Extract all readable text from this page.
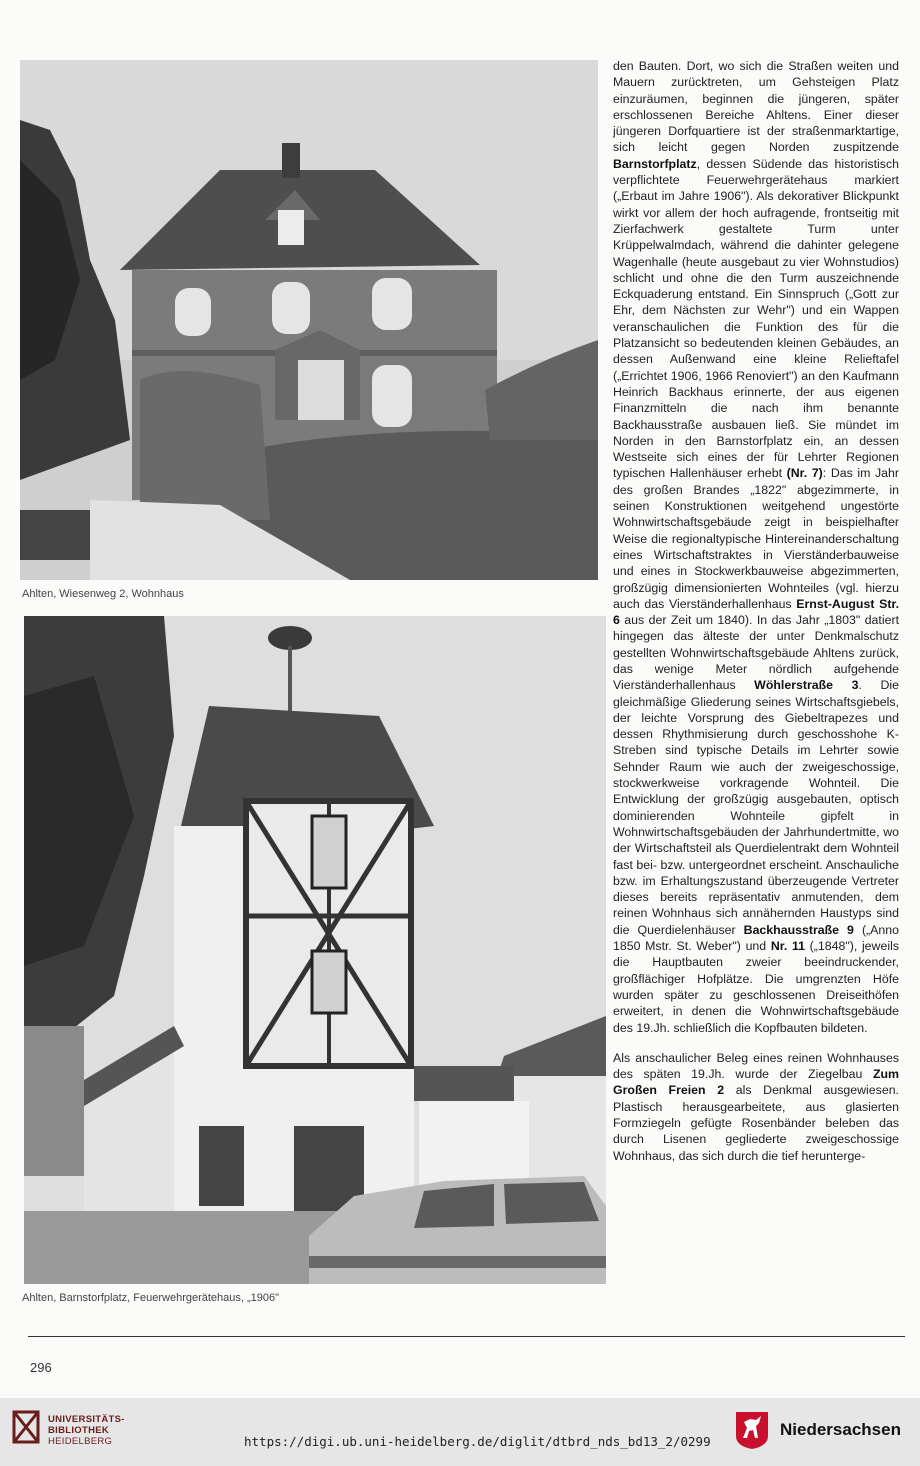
Ahlten, Wiesenweg 2, Wohnhaus
Ahlten, Barnstorfplatz, Feuerwehrgerätehaus, „1906"

den Bauten. Dort, wo sich die Straßen weiten und Mauern zurücktreten, um Gehsteigen Platz einzuräumen, beginnen die jüngeren, später erschlossenen Bereiche Ahltens. Einer dieser jüngeren Dorfquartiere ist der straßenmarktartige, sich leicht gegen Norden zuspitzende Barnstorfplatz, dessen Südende das historistisch verpflichtete Feuerwehrgerätehaus markiert („Erbaut im Jahre 1906"). Als dekorativer Blickpunkt wirkt vor allem der hoch aufragende, frontseitig mit Zierfachwerk gestaltete Turm unter Krüppelwalmdach, während die dahinter gelegene Wagenhalle (heute ausgebaut zu vier Wohnstudios) schlicht und ohne die den Turm auszeichnende Eckquaderung entstand. Ein Sinnspruch („Gott zur Ehr, dem Nächsten zur Wehr") und ein Wappen veranschaulichen die Funktion des für die Platzansicht so bedeutenden kleinen Gebäudes, an dessen Außenwand eine kleine Relieftafel („Errichtet 1906, 1966 Renoviert") an den Kaufmann Heinrich Backhaus erinnerte, der aus eigenen Finanzmitteln die nach ihm benannte Backhausstraße ausbauen ließ. Sie mündet im Norden in den Barnstorfplatz ein, an dessen Westseite sich eines der für Lehrter Regionen typischen Hallenhäuser erhebt (Nr. 7): Das im Jahr des großen Brandes „1822" abgezimmerte, in seinen Konstruktionen weitgehend ungestörte Wohnwirtschaftsgebäude zeigt in beispielhafter Weise die regionaltypische Hintereinanderschaltung eines Wirtschaftstraktes in Vierständerbauweise und eines in Stockwerkbauweise abgezimmerten, großzügig dimensionierten Wohnteiles (vgl. hierzu auch das Vierständerhallenhaus Ernst-August Str. 6 aus der Zeit um 1840). In das Jahr „1803" datiert hingegen das älteste der unter Denkmalschutz gestellten Wohnwirtschaftsgebäude Ahltens zurück, das wenige Meter nördlich aufgehende Vierständerhallenhaus Wöhlerstraße 3. Die gleichmäßige Gliederung seines Wirtschaftsgiebels, der leichte Vorsprung des Giebeltrapezes und dessen Rhythmisierung durch geschosshohe K-Streben sind typische Details im Lehrter sowie Sehnder Raum wie auch der zweigeschossige, stockwerkweise vorkragende Wohnteil. Die Entwicklung der großzügig ausgebauten, optisch dominierenden Wohnteile gipfelt in Wohnwirtschaftsgebäuden der Jahrhundertmitte, wo der Wirtschaftsteil als Querdielentrakt dem Wohnteil fast bei- bzw. untergeordnet erscheint. Anschauliche bzw. im Erhaltungszustand überzeugende Vertreter dieses bereits repräsentativ anmutenden, dem reinen Wohnhaus sich annähernden Haustyps sind die Querdielenhäuser Backhausstraße 9 („Anno 1850 Mstr. St. Weber") und Nr. 11 („1848"), jeweils die Hauptbauten zweier beeindruckender, großflächiger Hofplätze. Die umgrenzten Höfe wurden später zu geschlossenen Dreiseithöfen erweitert, in denen die Wohnwirtschaftsgebäude des 19.Jh. schließlich die Kopfbauten bildeten.

Als anschaulicher Beleg eines reinen Wohnhauses des späten 19.Jh. wurde der Ziegelbau Zum Großen Freien 2 als Denkmal ausgewiesen. Plastisch herausgearbeitete, aus glasierten Formziegeln gefügte Rosenbänder beleben das durch Lisenen gegliederte zweigeschossige Wohnhaus, das sich durch die tief herunterge-

296
UNIVERSITÄTS-
BIBLIOTHEK
HEIDELBERG	https://digi.ub.uni-heidelberg.de/diglit/dtbrd_nds_bd13_2/0299
Niedersachsen
